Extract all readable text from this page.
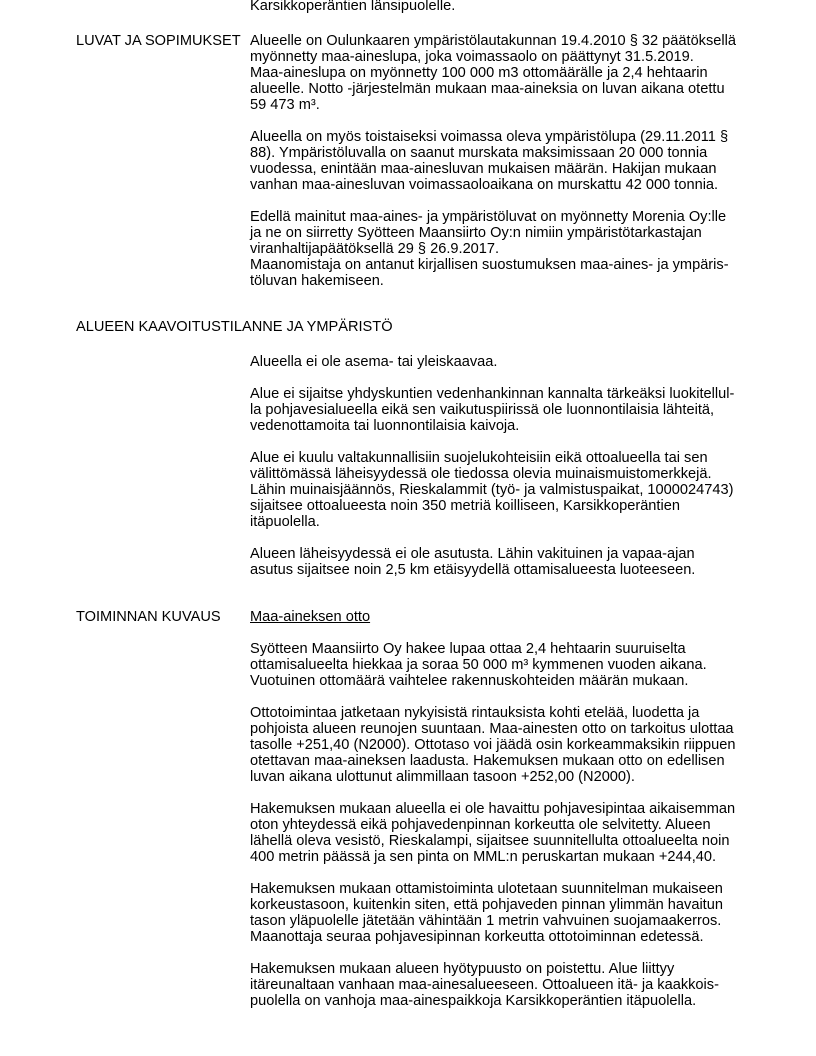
Karsikkoperäntien länsipuolelle.
LUVAT JA SOPIMUKSET Alueelle on Oulunkaaren ympäristölautakunnan 19.4.2010 § 32 päätöksellä
myönnetty maa-aineslupa, joka voimassaolo on päättynyt 31.5.2019.
Maa-aineslupa on myönnetty 100 000 m3 ottomäärälle ja 2,4 hehtaarin
alueelle. Notto -järjestelmän mukaan maa-aineksia on luvan aikana otettu
59 473 m³.
Alueella on myös toistaiseksi voimassa oleva ympäristölupa (29.11.2011 §
88). Ympäristöluvalla on saanut murskata maksimissaan 20 000 tonnia
vuodessa, enintään maa-ainesluvan mukaisen määrän. Hakijan mukaan
vanhan maa-ainesluvan voimassaoloaikana on murskattu 42 000 tonnia.
Edellä mainitut maa-aines- ja ympäristöluvat on myönnetty Morenia Oy:lle
ja ne on siirretty Syötteen Maansiirto Oy:n nimiin ympäristötarkastajan
viranhaltijapäätöksellä 29 § 26.9.2017.
Maanomistaja on antanut kirjallisen suostumuksen maa-aines- ja ympäris-
töluvan hakemiseen.
ALUEEN KAAVOITUSTILANNE JA YMPÄRISTÖ
Alueella ei ole asema- tai yleiskaavaa.
Alue ei sijaitse yhdyskuntien vedenhankinnan kannalta tärkeäksi luokitellul-
la pohjavesialueella eikä sen vaikutuspiirissä ole luonnontilaisia lähteitä,
vedenottamoita tai luonnontilaisia kaivoja.
Alue ei kuulu valtakunnallisiin suojelukohteisiin eikä ottoalueella tai sen
välittömässä läheisyydessä ole tiedossa olevia muinaismuistomerkkejä.
Lähin muinaisjäännös, Rieskalammit (työ- ja valmistuspaikat, 1000024743)
sijaitsee ottoalueesta noin 350 metriä koilliseen, Karsikkoperäntien
itäpuolella.
Alueen läheisyydessä ei ole asutusta. Lähin vakituinen ja vapaa-ajan
asutus sijaitsee noin 2,5 km etäisyydellä ottamisalueesta luoteeseen.
TOIMINNAN KUVAUS Maa-aineksen otto
Syötteen Maansiirto Oy hakee lupaa ottaa 2,4 hehtaarin suuruiselta
ottamisalueelta hiekkaa ja soraa 50 000 m³ kymmenen vuoden aikana.
Vuotuinen ottomäärä vaihtelee rakennuskohteiden määrän mukaan.
Ottotoimintaa jatketaan nykyisistä rintauksista kohti etelää, luodetta ja
pohjoista alueen reunojen suuntaan. Maa-ainesten otto on tarkoitus ulottaa
tasolle +251,40 (N2000). Ottotaso voi jäädä osin korkeammaksikin riippuen
otettavan maa-aineksen laadusta. Hakemuksen mukaan otto on edellisen
luvan aikana ulottunut alimmillaan tasoon +252,00 (N2000).
Hakemuksen mukaan alueella ei ole havaittu pohjavesipintaa aikaisemman
oton yhteydessä eikä pohjavedenpinnan korkeutta ole selvitetty. Alueen
lähellä oleva vesistö, Rieskalampi, sijaitsee suunnitellulta ottoalueelta noin
400 metrin päässä ja sen pinta on MML:n peruskartan mukaan +244,40.
Hakemuksen mukaan ottamistoiminta ulotetaan suunnitelman mukaiseen
korkeustasoon, kuitenkin siten, että pohjaveden pinnan ylimmän havaitun
tason yläpuolelle jätetään vähintään 1 metrin vahvuinen suojamaakerros.
Maanottaja seuraa pohjavesipinnan korkeutta ottotoiminnan edetessä.
Hakemuksen mukaan alueen hyötypuusto on poistettu. Alue liittyy
itäreunaltaan vanhaan maa-ainesalueeseen. Ottoalueen itä- ja kaakkois-
puolella on vanhoja maa-ainespaikkoja Karsikkoperäntien itäpuolella.
